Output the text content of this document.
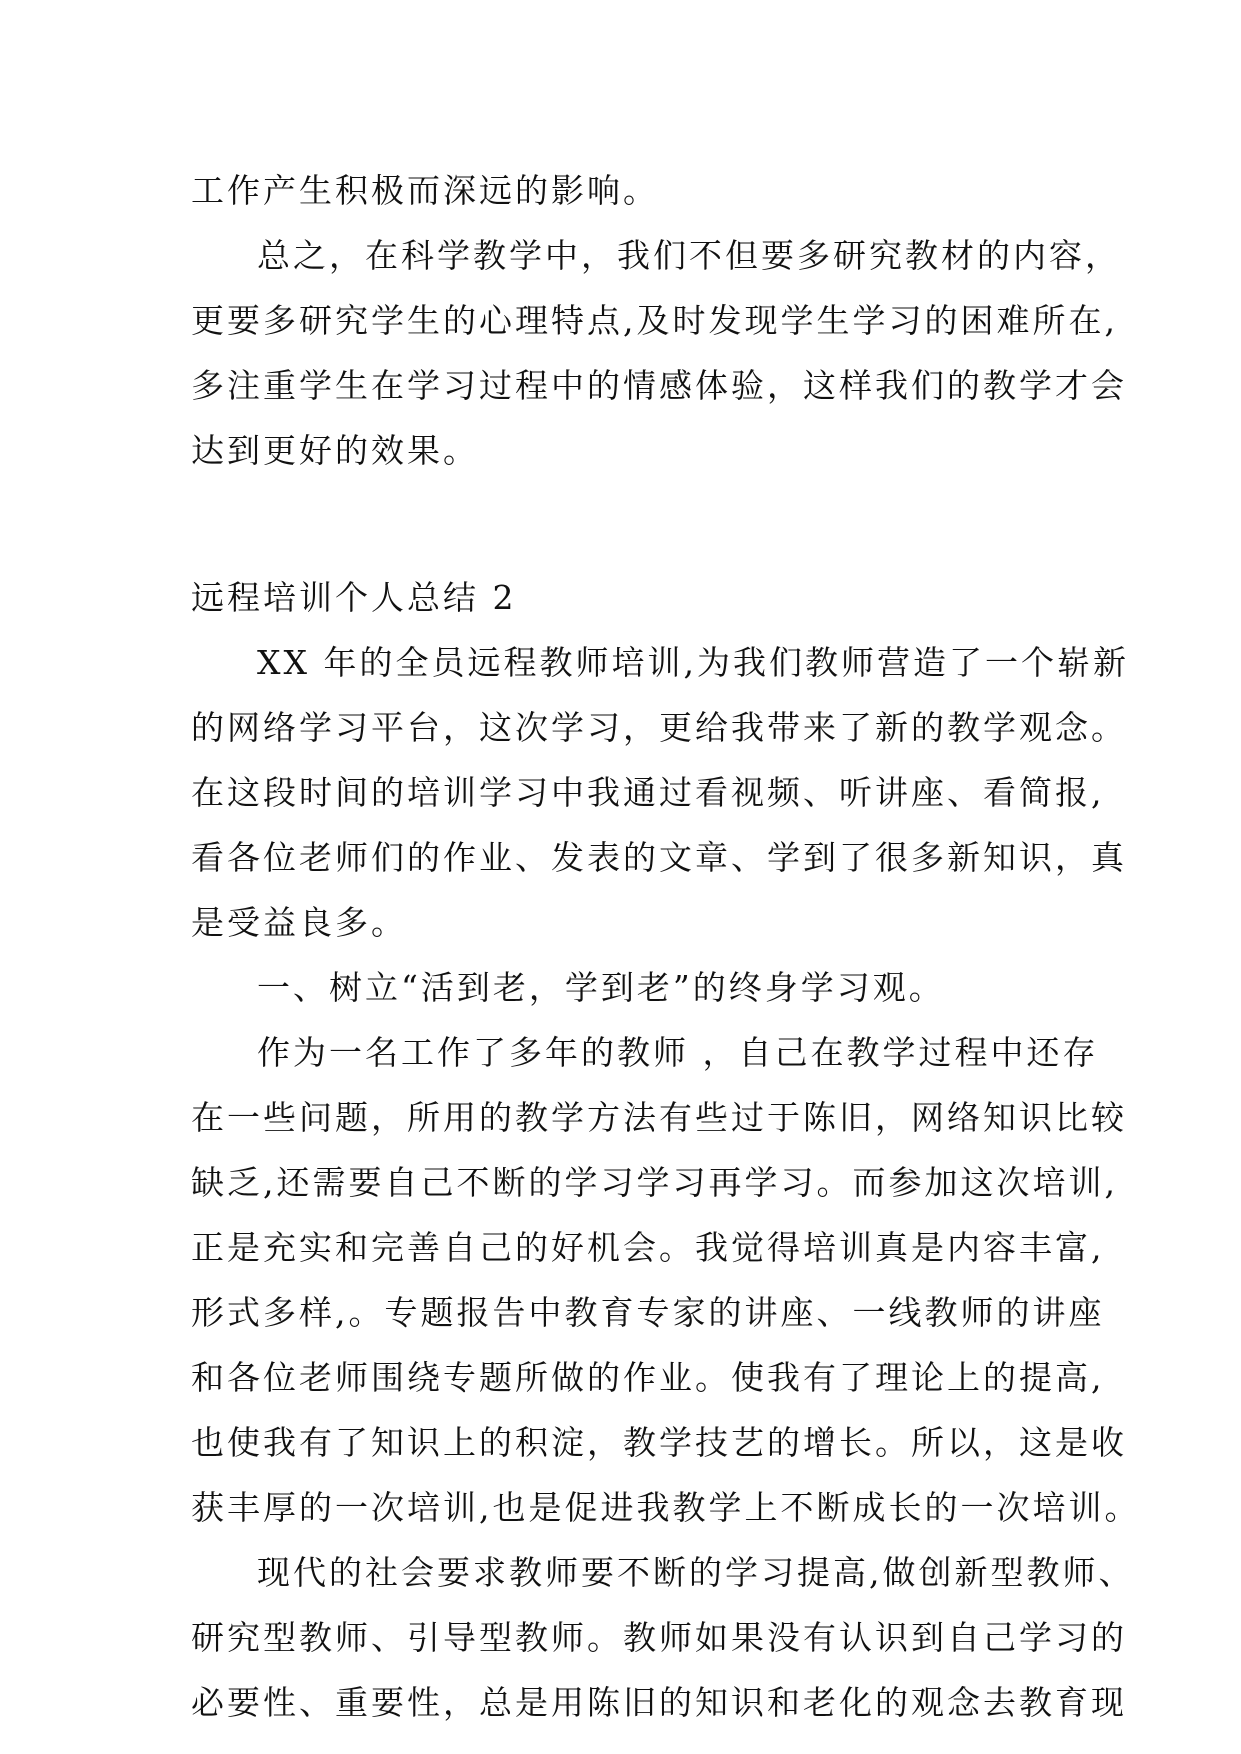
工作产生积极而深远的影响。
总之，在科学教学中，我们不但要多研究教材的内容，
更要多研究学生的心理特点,及时发现学生学习的困难所在,
多注重学生在学习过程中的情感体验，这样我们的教学才会
达到更好的效果。
远程培训个人总结 2
XX 年的全员远程教师培训,为我们教师营造了一个崭新
的网络学习平台，这次学习，更给我带来了新的教学观念。
在这段时间的培训学习中我通过看视频、听讲座、看简报,
看各位老师们的作业、发表的文章、学到了很多新知识，真
是受益良多。
一、树立“活到老，学到老”的终身学习观。
作为一名工作了多年的教师 ，自己在教学过程中还存
在一些问题，所用的教学方法有些过于陈旧，网络知识比较
缺乏,还需要自己不断的学习学习再学习。而参加这次培训,
正是充实和完善自己的好机会。我觉得培训真是内容丰富,
形式多样,。专题报告中教育专家的讲座、一线教师的讲座
和各位老师围绕专题所做的作业。使我有了理论上的提高,
也使我有了知识上的积淀，教学技艺的增长。所以，这是收
获丰厚的一次培训,也是促进我教学上不断成长的一次培训。
现代的社会要求教师要不断的学习提高,做创新型教师、
研究型教师、引导型教师。教师如果没有认识到自己学习的
必要性、重要性，总是用陈旧的知识和老化的观念去教育现
